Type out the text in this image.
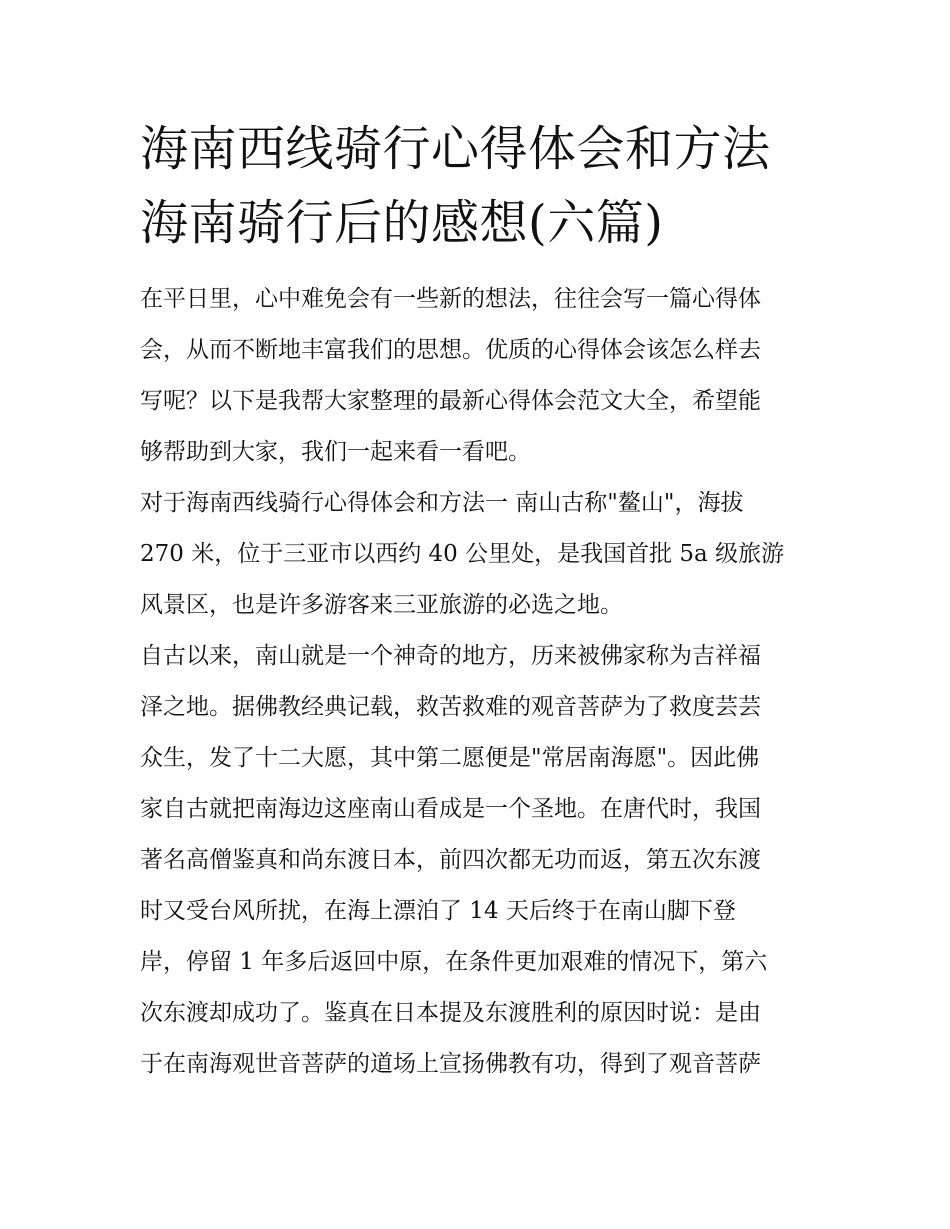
海南西线骑行心得体会和方法
海南骑行后的感想(六篇)

在平日里，心中难免会有一些新的想法，往往会写一篇心得体
会，从而不断地丰富我们的思想。优质的心得体会该怎么样去
写呢？以下是我帮大家整理的最新心得体会范文大全，希望能
够帮助到大家，我们一起来看一看吧。

对于海南西线骑行心得体会和方法一 南山古称"鳌山"，海拔
270 米，位于三亚市以西约 40 公里处，是我国首批 5a 级旅游
风景区，也是许多游客来三亚旅游的必选之地。

自古以来，南山就是一个神奇的地方，历来被佛家称为吉祥福
泽之地。据佛教经典记载，救苦救难的观音菩萨为了救度芸芸
众生，发了十二大愿，其中第二愿便是"常居南海愿"。因此佛
家自古就把南海边这座南山看成是一个圣地。在唐代时，我国
著名高僧鉴真和尚东渡日本，前四次都无功而返，第五次东渡
时又受台风所扰，在海上漂泊了 14 天后终于在南山脚下登
岸，停留 1 年多后返回中原，在条件更加艰难的情况下，第六
次东渡却成功了。鉴真在日本提及东渡胜利的原因时说：是由
于在南海观世音菩萨的道场上宣扬佛教有功，得到了观音菩萨
